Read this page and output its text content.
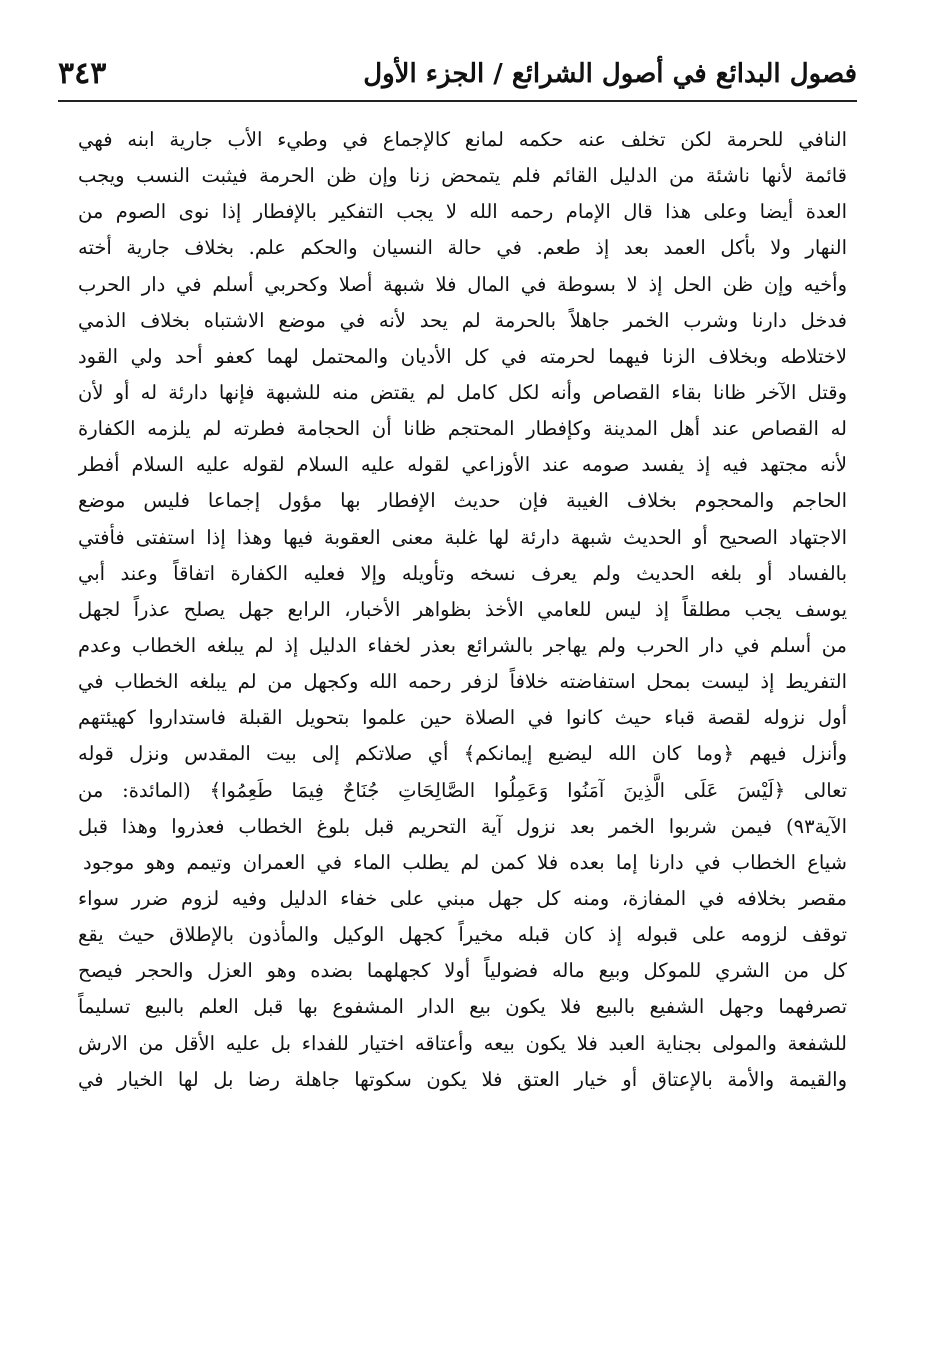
فصول البدائع في أصول الشرائع / الجزء الأول
٣٤٣
النافي للحرمة لكن تخلف عنه حكمه لمانع كالإجماع في وطيء الأب جارية ابنه فهي
قائمة لأنها ناشئة من الدليل القائم فلم يتمحض زنا وإن ظن الحرمة فيثبت النسب ويجب
العدة أيضا وعلى هذا قال الإمام رحمه الله لا يجب التفكير بالإفطار إذا نوى الصوم من
النهار ولا بأكل العمد بعد إذ طعم. في حالة النسيان والحكم علم. بخلاف جارية أخته
وأخيه وإن ظن الحل إذ لا بسوطة في المال فلا شبهة أصلا وكحربي أسلم في دار الحرب
فدخل دارنا وشرب الخمر جاهلاً بالحرمة لم يحد لأنه في موضع الاشتباه بخلاف الذمي
لاختلاطه وبخلاف الزنا فيهما لحرمته في كل الأديان والمحتمل لهما كعفو أحد ولي القود
وقتل الآخر ظانا بقاء القصاص وأنه لكل كامل لم يقتض منه للشبهة فإنها دارئة له أو لأن
له القصاص عند أهل المدينة وكإفطار المحتجم ظانا أن الحجامة فطرته لم يلزمه الكفارة
لأنه مجتهد فيه إذ يفسد صومه عند الأوزاعي لقوله عليه السلام لقوله عليه السلام أفطر
الحاجم والمحجوم بخلاف الغيبة فإن حديث الإفطار بها مؤول إجماعا فليس موضع
الاجتهاد الصحيح أو الحديث شبهة دارئة لها غلبة معنى العقوبة فيها وهذا إذا استفتى فأفتي
بالفساد أو بلغه الحديث ولم يعرف نسخه وتأويله وإلا فعليه الكفارة اتفاقاً وعند أبي
يوسف يجب مطلقاً إذ ليس للعامي الأخذ بظواهر الأخبار، الرابع جهل يصلح عذراً لجهل
من أسلم في دار الحرب ولم يهاجر بالشرائع بعذر لخفاء الدليل إذ لم يبلغه الخطاب وعدم
التفريط إذ ليست بمحل استفاضته خلافاً لزفر رحمه الله وكجهل من لم يبلغه الخطاب في
أول نزوله لقصة قباء حيث كانوا في الصلاة حين علموا بتحويل القبلة فاستداروا كهيئتهم
وأنزل فيهم ﴿وما كان الله ليضيع إيمانكم﴾ أي صلاتكم إلى بيت المقدس ونزل قوله
تعالى ﴿لَيْسَ عَلَى الَّذِينَ آمَنُوا وَعَمِلُوا الصَّالِحَاتِ جُنَاحٌ فِيمَا طَعِمُوا﴾ (المائدة: من
الآية٩٣) فيمن شربوا الخمر بعد نزول آية التحريم قبل بلوغ الخطاب فعذروا وهذا قبل
شياع الخطاب في دارنا إما بعده فلا كمن لم يطلب الماء في العمران وتيمم وهو موجود
مقصر بخلافه في المفازة، ومنه كل جهل مبني على خفاء الدليل وفيه لزوم ضرر سواء
توقف لزومه على قبوله إذ كان قبله مخيراً كجهل الوكيل والمأذون بالإطلاق حيث يقع
كل من الشري للموكل وبيع ماله فضولياً أولا كجهلهما بضده وهو العزل والحجر فيصح
تصرفهما وجهل الشفيع بالبيع فلا يكون بيع الدار المشفوع بها قبل العلم بالبيع تسليماً
للشفعة والمولى بجناية العبد فلا يكون بيعه وأعتاقه اختيار للفداء بل عليه الأقل من الارش
والقيمة والأمة بالإعتاق أو خيار العتق فلا يكون سكوتها جاهلة رضا بل لها الخيار في
